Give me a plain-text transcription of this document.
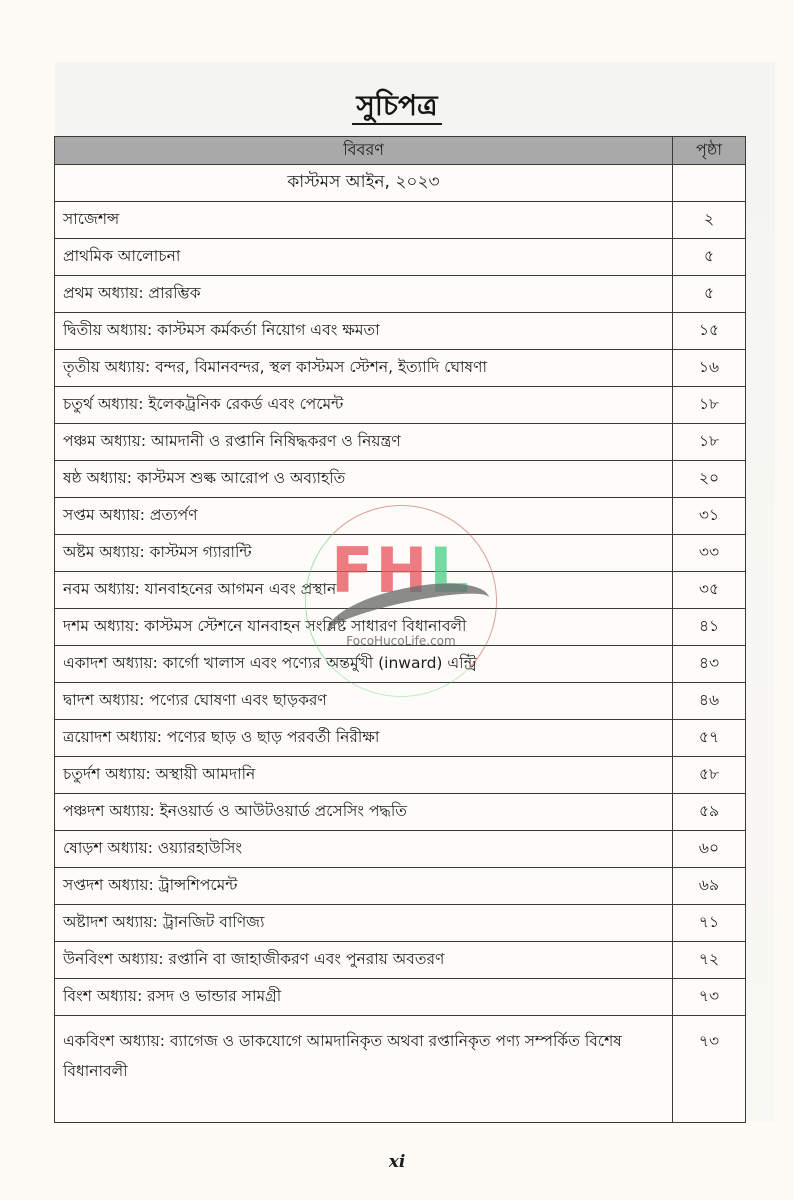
সুচিপত্র
বিবরণ	পৃষ্ঠা
কাস্টমস আইন, ২০২৩	
সাজেশন্স	২
প্রাথমিক আলোচনা	৫
প্রথম অধ্যায়: প্রারম্ভিক	৫
দ্বিতীয় অধ্যায়: কাস্টমস কর্মকর্তা নিয়োগ এবং ক্ষমতা	১৫
তৃতীয় অধ্যায়: বন্দর, বিমানবন্দর, স্থল কাস্টমস স্টেশন, ইত্যাদি ঘোষণা	১৬
চতুর্থ অধ্যায়: ইলেকট্রনিক রেকর্ড এবং পেমেন্ট	১৮
পঞ্চম অধ্যায়: আমদানী ও রপ্তানি নিষিদ্ধকরণ ও নিয়ন্ত্রণ	১৮
ষষ্ঠ অধ্যায়: কাস্টমস শুল্ক আরোপ ও অব্যাহতি	২০
সপ্তম অধ্যায়: প্রত্যর্পণ	৩১
অষ্টম অধ্যায়: কাস্টমস গ্যারান্টি	৩৩
নবম অধ্যায়: যানবাহনের আগমন এবং প্রস্থান	৩৫
দশম অধ্যায়: কাস্টমস স্টেশনে যানবাহন সংশ্লিষ্ট সাধারণ বিধানাবলী	৪১
একাদশ অধ্যায়: কার্গো খালাস এবং পণ্যের অন্তর্মুখী (inward) এন্ট্রি	৪৩
দ্বাদশ অধ্যায়: পণ্যের ঘোষণা এবং ছাড়করণ	৪৬
ত্রয়োদশ অধ্যায়: পণ্যের ছাড় ও ছাড় পরবর্তী নিরীক্ষা	৫৭
চতুর্দশ অধ্যায়: অস্থায়ী আমদানি	৫৮
পঞ্চদশ অধ্যায়: ইনওয়ার্ড ও আউটওয়ার্ড প্রসেসিং পদ্ধতি	৫৯
ষোড়শ অধ্যায়: ওয়্যারহাউসিং	৬০
সপ্তদশ অধ্যায়: ট্রান্সশিপমেন্ট	৬৯
অষ্টাদশ অধ্যায়: ট্রানজিট বাণিজ্য	৭১
উনবিংশ অধ্যায়: রপ্তানি বা জাহাজীকরণ এবং পুনরায় অবতরণ	৭২
বিংশ অধ্যায়: রসদ ও ভান্ডার সামগ্রী	৭৩
একবিংশ অধ্যায়: ব্যাগেজ ও ডাকযোগে আমদানিকৃত অথবা রপ্তানিকৃত পণ্য সম্পর্কিত বিশেষ বিধানাবলী	৭৩
FHL
FocoHucoLife.com
xi
